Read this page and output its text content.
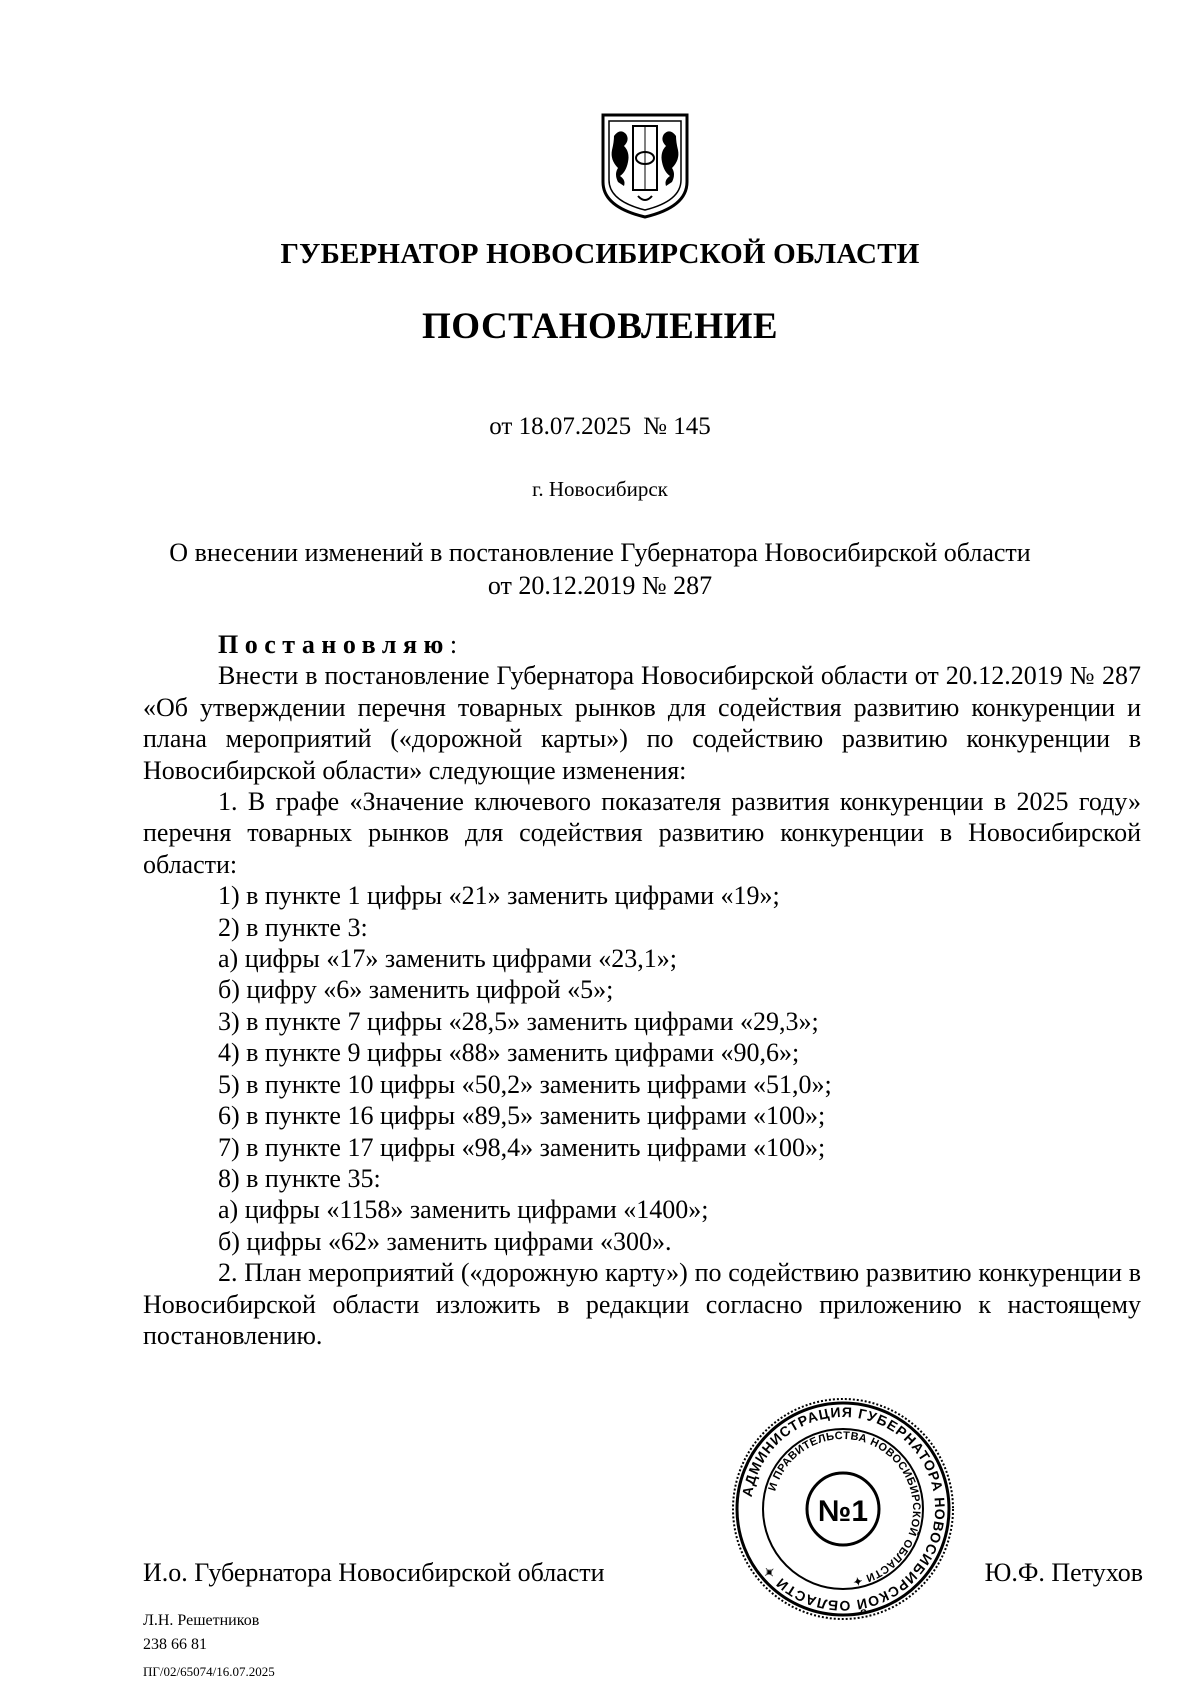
ГУБЕРНАТОР НОВОСИБИРСКОЙ ОБЛАСТИ
ПОСТАНОВЛЕНИЕ
от 18.07.2025 № 145
г. Новосибирск
О внесении изменений в постановление Губернатора Новосибирской области
от 20.12.2019 № 287

Постановляю:

Внести в постановление Губернатора Новосибирской области от 20.12.2019 № 287 «Об утверждении перечня товарных рынков для содействия развитию конкуренции и плана мероприятий («дорожной карты») по содействию развитию конкуренции в Новосибирской области» следующие изменения:

1. В графе «Значение ключевого показателя развития конкуренции в 2025 году» перечня товарных рынков для содействия развитию конкуренции в Новосибирской области:

1) в пункте 1 цифры «21» заменить цифрами «19»;

2) в пункте 3:

а) цифры «17» заменить цифрами «23,1»;

б) цифру «6» заменить цифрой «5»;

3) в пункте 7 цифры «28,5» заменить цифрами «29,3»;

4) в пункте 9 цифры «88» заменить цифрами «90,6»;

5) в пункте 10 цифры «50,2» заменить цифрами «51,0»;

6) в пункте 16 цифры «89,5» заменить цифрами «100»;

7) в пункте 17 цифры «98,4» заменить цифрами «100»;

8) в пункте 35:

а) цифры «1158» заменить цифрами «1400»;

б) цифры «62» заменить цифрами «300».

2. План мероприятий («дорожную карту») по содействию развитию конкуренции в Новосибирской области изложить в редакции согласно приложению к настоящему постановлению.

АДМИНИСТРАЦИЯ ГУБЕРНАТОРА НОВОСИБИРСКОЙ ОБЛАСТИ ✦
И ПРАВИТЕЛЬСТВА НОВОСИБИРСКОЙ ОБЛАСТИ ✦
№1
И.о. Губернатора Новосибирской области	Ю.Ф. Петухов
Л.Н. Решетников
238 66 81
ПГ/02/65074/16.07.2025
